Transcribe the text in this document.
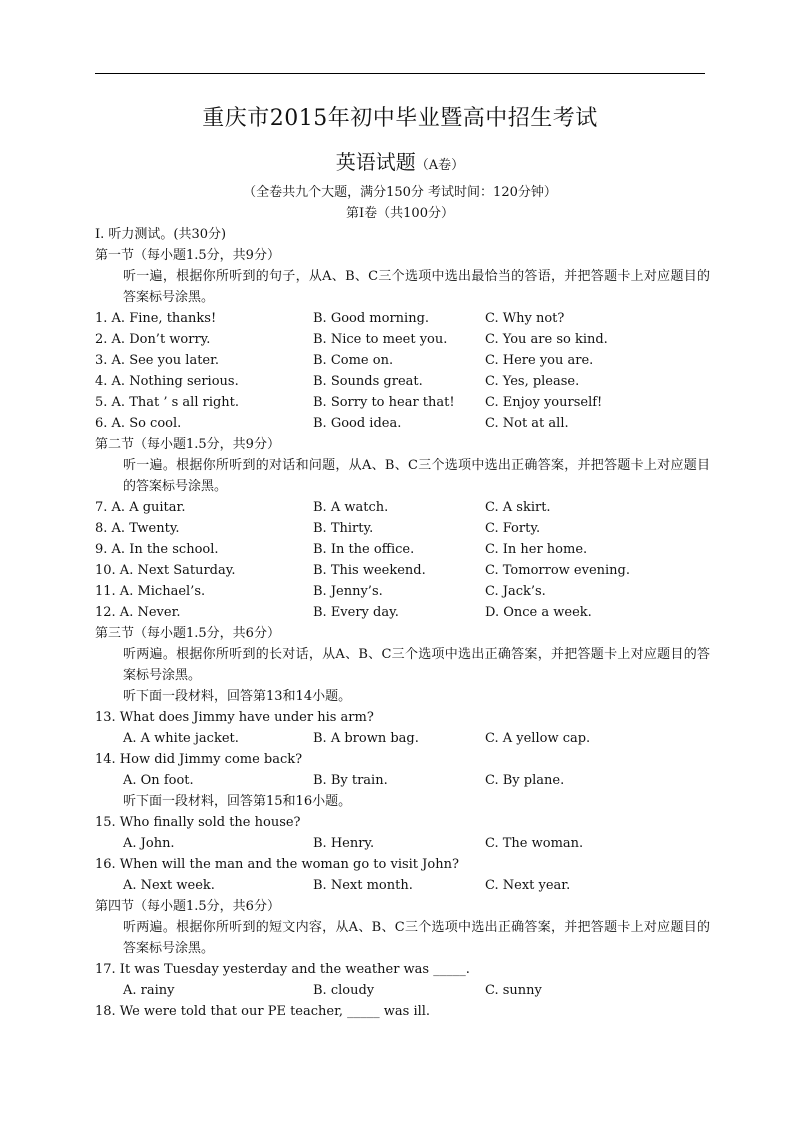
重庆市2015年初中毕业暨高中招生考试
英语试题（A卷）
（全卷共九个大题，满分150分 考试时间：120分钟）
第Ⅰ卷（共100分）
I. 听力测试。(共30分)
第一节（每小题1.5分，共9分）
听一遍，根据你所听到的句子，从A、B、C三个选项中选出最恰当的答语，并把答题卡上对应题目的答案标号涂黑。
1. A. Fine, thanks!	B. Good morning.	C. Why not?
2. A. Don’t worry.	B. Nice to meet you.	C. You are so kind.
3. A. See you later.	B. Come on.	C. Here you are.
4. A. Nothing serious.	B. Sounds great.	C. Yes, please.
5. A. That ’ s all right.	B. Sorry to hear that! C. Enjoy yourself!
6. A. So cool.	B. Good idea.	C. Not at all.
第二节（每小题1.5分，共9分）
听一遍。根据你所听到的对话和问题，从A、B、C三个选项中选出正确答案，并把答题卡上对应题目的答案标号涂黑。
7. A. A guitar.	B. A watch.	C. A skirt.
8. A. Twenty.	B. Thirty.	C. Forty.
9. A. In the school.	B. In the office.	C. In her home.
10. A. Next Saturday.	B. This weekend.	C. Tomorrow evening.
11. A. Michael’s.	B. Jenny’s.	C. Jack’s.
12. A. Never.	B. Every day.	D. Once a week.
第三节（每小题1.5分，共6分）
听两遍。根据你所听到的长对话，从A、B、C三个选项中选出正确答案，并把答题卡上对应题目的答案标号涂黑。
听下面一段材料，回答第13和14小题。
13. What does Jimmy have under his arm?
A. A white jacket.	B. A brown bag.	C. A yellow cap.
14. How did Jimmy come back?
A. On foot.	B. By train.	C. By plane.
听下面一段材料，回答第15和16小题。
15. Who finally sold the house?
A. John.	B. Henry.	C. The woman.
16. When will the man and the woman go to visit John?
A. Next week.	B. Next month.	C. Next year.
第四节（每小题1.5分，共6分）
听两遍。根据你所听到的短文内容，从A、B、C三个选项中选出正确答案，并把答题卡上对应题目的答案标号涂黑。
17. It was Tuesday yesterday and the weather was _____.
A. rainy	B. cloudy	C. sunny
18. We were told that our PE teacher, _____ was ill.
